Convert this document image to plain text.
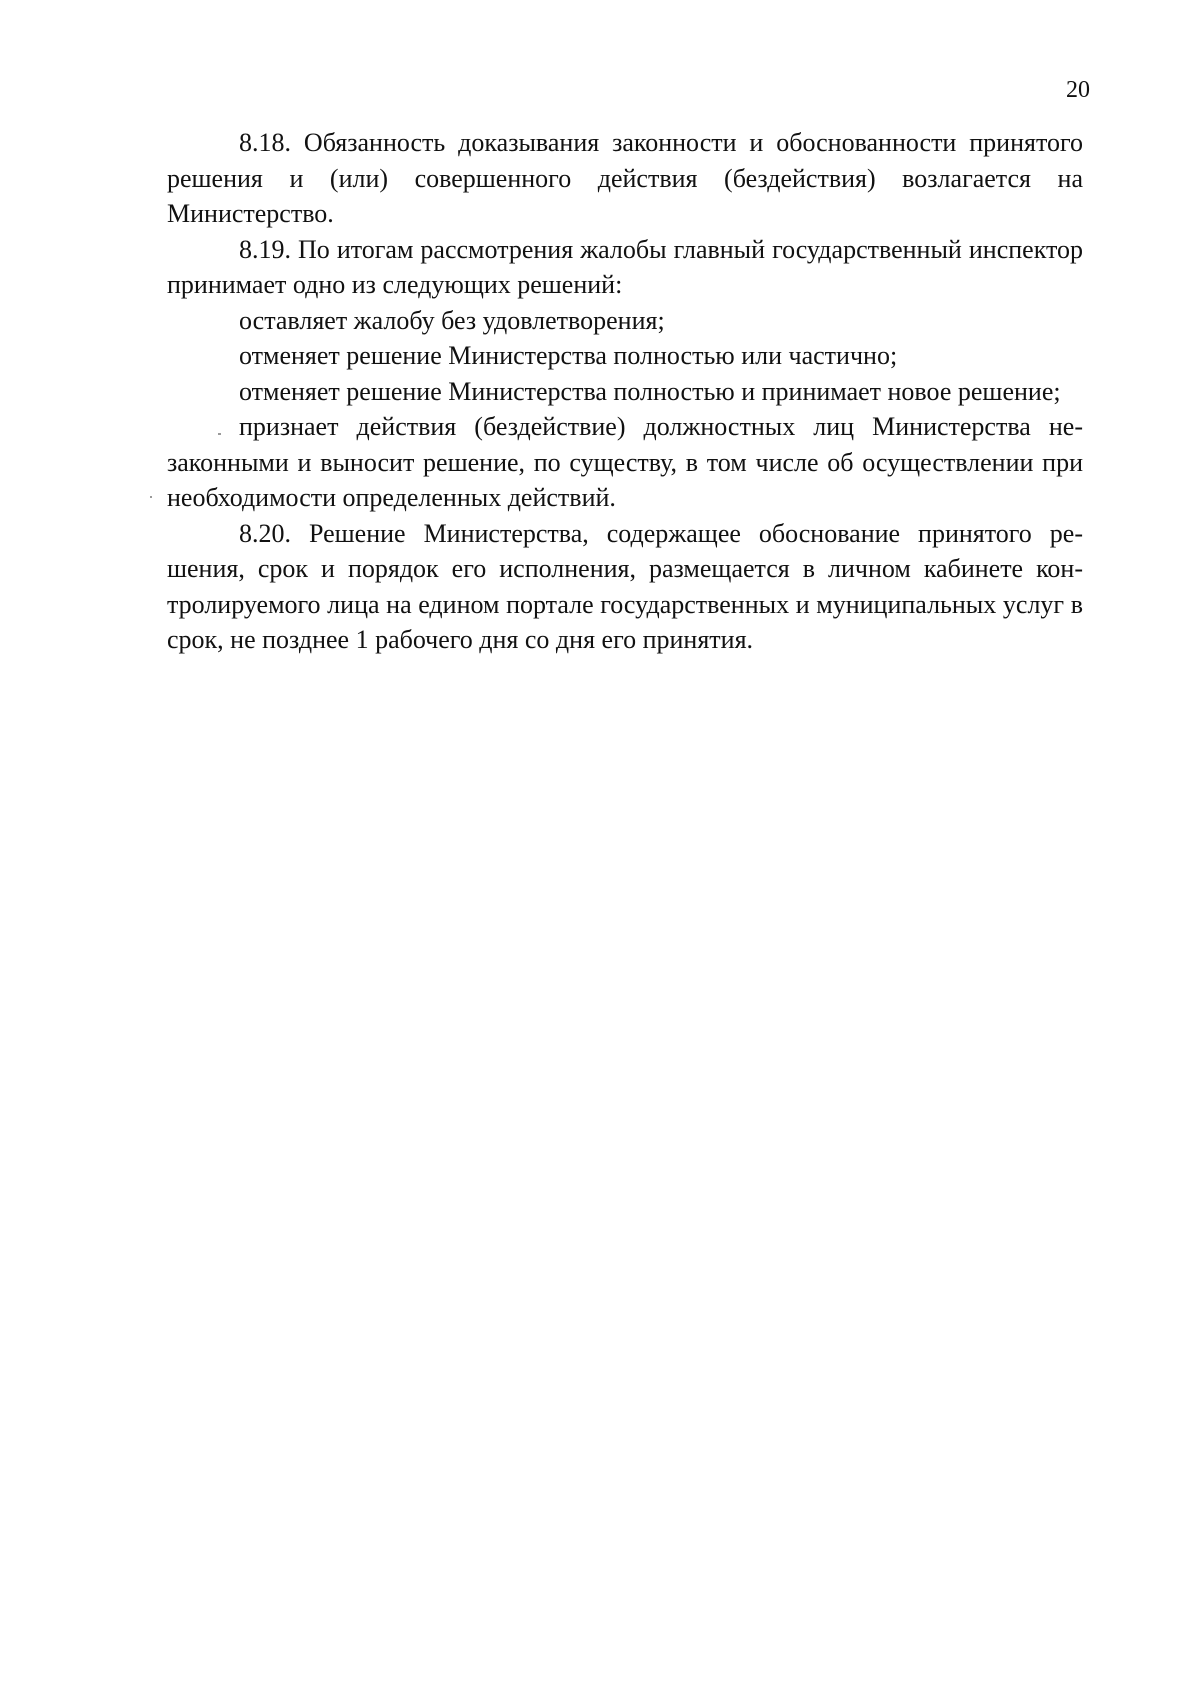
20

8.18. Обязанность доказывания законности и обоснованности принятого решения и (или) совершенного действия (бездействия) возлагается на Министерство.

8.19. По итогам рассмотрения жалобы главный государственный инспектор принимает одно из следующих решений:

оставляет жалобу без удовлетворения;

отменяет решение Министерства полностью или частично;

отменяет решение Министерства полностью и принимает новое решение;

признает действия (бездействие) должностных лиц Министерства незаконными и выносит решение, по существу, в том числе об осуществлении при необходимости определенных действий.

8.20. Решение Министерства, содержащее обоснование принятого решения, срок и порядок его исполнения, размещается в личном кабинете контролируемого лица на едином портале государственных и муниципальных услуг в срок, не позднее 1 рабочего дня со дня его принятия.
